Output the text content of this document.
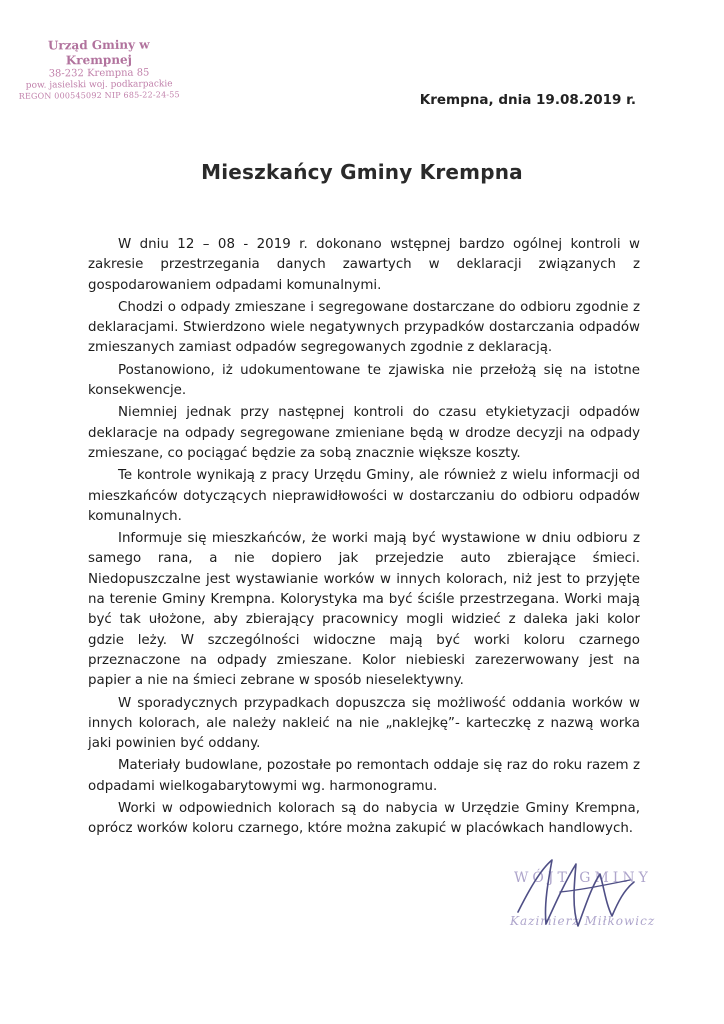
Urząd Gminy w Krempnej
38-232 Krempna 85
pow. jasielski woj. podkarpackie
REGON 000545092 NIP 685-22-24-55	Krempna, dnia 19.08.2019 r.
Mieszkańcy Gminy Krempna

W dniu 12 – 08 - 2019 r. dokonano wstępnej bardzo ogólnej kontroli w zakresie przestrzegania danych zawartych w deklaracji związanych z gospodarowaniem odpadami komunalnymi.

Chodzi o odpady zmieszane i segregowane dostarczane do odbioru zgodnie z deklaracjami. Stwierdzono wiele negatywnych przypadków dostarczania odpadów zmieszanych zamiast odpadów segregowanych zgodnie z deklaracją.

Postanowiono, iż udokumentowane te zjawiska nie przełożą się na istotne konsekwencje.

Niemniej jednak przy następnej kontroli do czasu etykietyzacji odpadów deklaracje na odpady segregowane zmieniane będą w drodze decyzji na odpady zmieszane, co pociągać będzie za sobą znacznie większe koszty.

Te kontrole wynikają z pracy Urzędu Gminy, ale również z wielu informacji od mieszkańców dotyczących nieprawidłowości w dostarczaniu do odbioru odpadów komunalnych.

Informuje się mieszkańców, że worki mają być wystawione w dniu odbioru z samego rana, a nie dopiero jak przejedzie auto zbierające śmieci. Niedopuszczalne jest wystawianie worków w innych kolorach, niż jest to przyjęte na terenie Gminy Krempna. Kolorystyka ma być ściśle przestrzegana. Worki mają być tak ułożone, aby zbierający pracownicy mogli widzieć z daleka jaki kolor gdzie leży. W szczególności widoczne mają być worki koloru czarnego przeznaczone na odpady zmieszane. Kolor niebieski zarezerwowany jest na papier a nie na śmieci zebrane w sposób nieselektywny.

W sporadycznych przypadkach dopuszcza się możliwość oddania worków w innych kolorach, ale należy nakleić na nie „naklejkę”- karteczkę z nazwą worka jaki powinien być oddany.

Materiały budowlane, pozostałe po remontach oddaje się raz do roku razem z odpadami wielkogabarytowymi wg. harmonogramu.

Worki w odpowiednich kolorach są do nabycia w Urzędzie Gminy Krempna, oprócz worków koloru czarnego, które można zakupić w placówkach handlowych.

WÓJT GMINY
Kazimierz Miłkowicz
